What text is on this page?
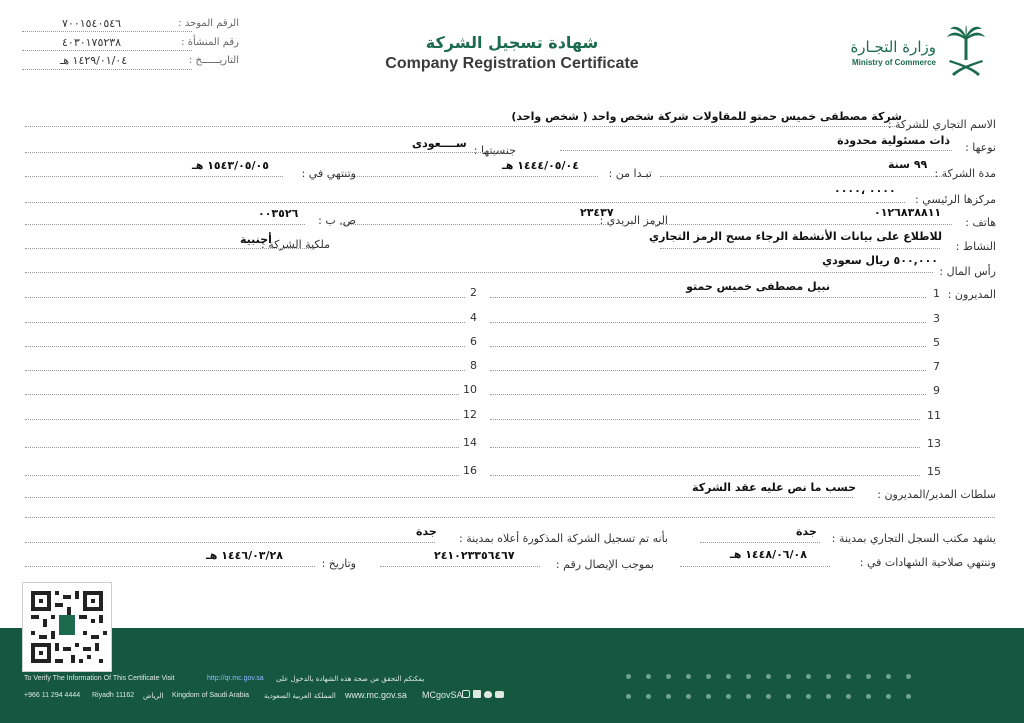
الرقم الموحد :
٧٠٠١٥٤٠٥٤٦
رقم المنشأة :
٤٠٣٠١٧٥٢٣٨
التاريــــــخ :
١٤٢٩/٠١/٠٤ هـ
شهادة تسجيل الشركة
Company Registration Certificate
وزارة التجـارة
Ministry of Commerce
الاسم التجاري للشركة :
شركة مصطفى خميس حمتو للمقاولات شركة شخص واحد ( شخص واحد)
نوعها :
ذات مسئولية محدودة
جنسيتها :
ســــعودى
مدة الشركة :
٩٩ سنة
تبـدا من :
١٤٤٤/٠٥/٠٤ هـ
وتنتهي في :
١٥٤٣/٠٥/٠٥ هـ
مركزها الرئيسي :
٠٠٠٠ ،٠٠٠٠
هاتف :
٠١٢٦٨٣٨٨١١
الرمز البريدي :
٢٣٤٣٧
ص. ب :
٠٠٣٥٢٦
النشاط :
للاطلاع على بيانات الأنشطة الرجاء مسح الرمز التجاري
ملكية الشركة :
أجنبية
رأس المال :
٥٠٠,٠٠٠ ريال سعودي
المديرون :
نبيل مصطفى خميس حمتو
1
2
3
4
5
6
7
8
9
10
11
12
13
14
15
16
سلطات المدير/المديرون :
حسب ما نص عليه عقد الشركة
يشهد مكتب السجل التجاري بمدينة :
جدة
بأنه تم تسجيل الشركة المذكورة أعلاه بمدينة :
جدة
وتنتهي صلاحية الشهادات في :
١٤٤٨/٠٦/٠٨ هـ
بموجب الإيصال رقم :
٢٤١٠٢٣٣٥٦٤٦٧
وتاريخ :
١٤٤٦/٠٣/٢٨ هـ
To Verify The Information Of This Certificate Visit	http://qr.mc.gov.sa يمكنكم التحقق من صحة هذه الشهادة بالدخول على
+966 11 294 4444 Riyadh 11162 الرياض Kingdom of Saudi Arabia المملكة العربية السعودية www.mc.gov.sa MCgovSA
